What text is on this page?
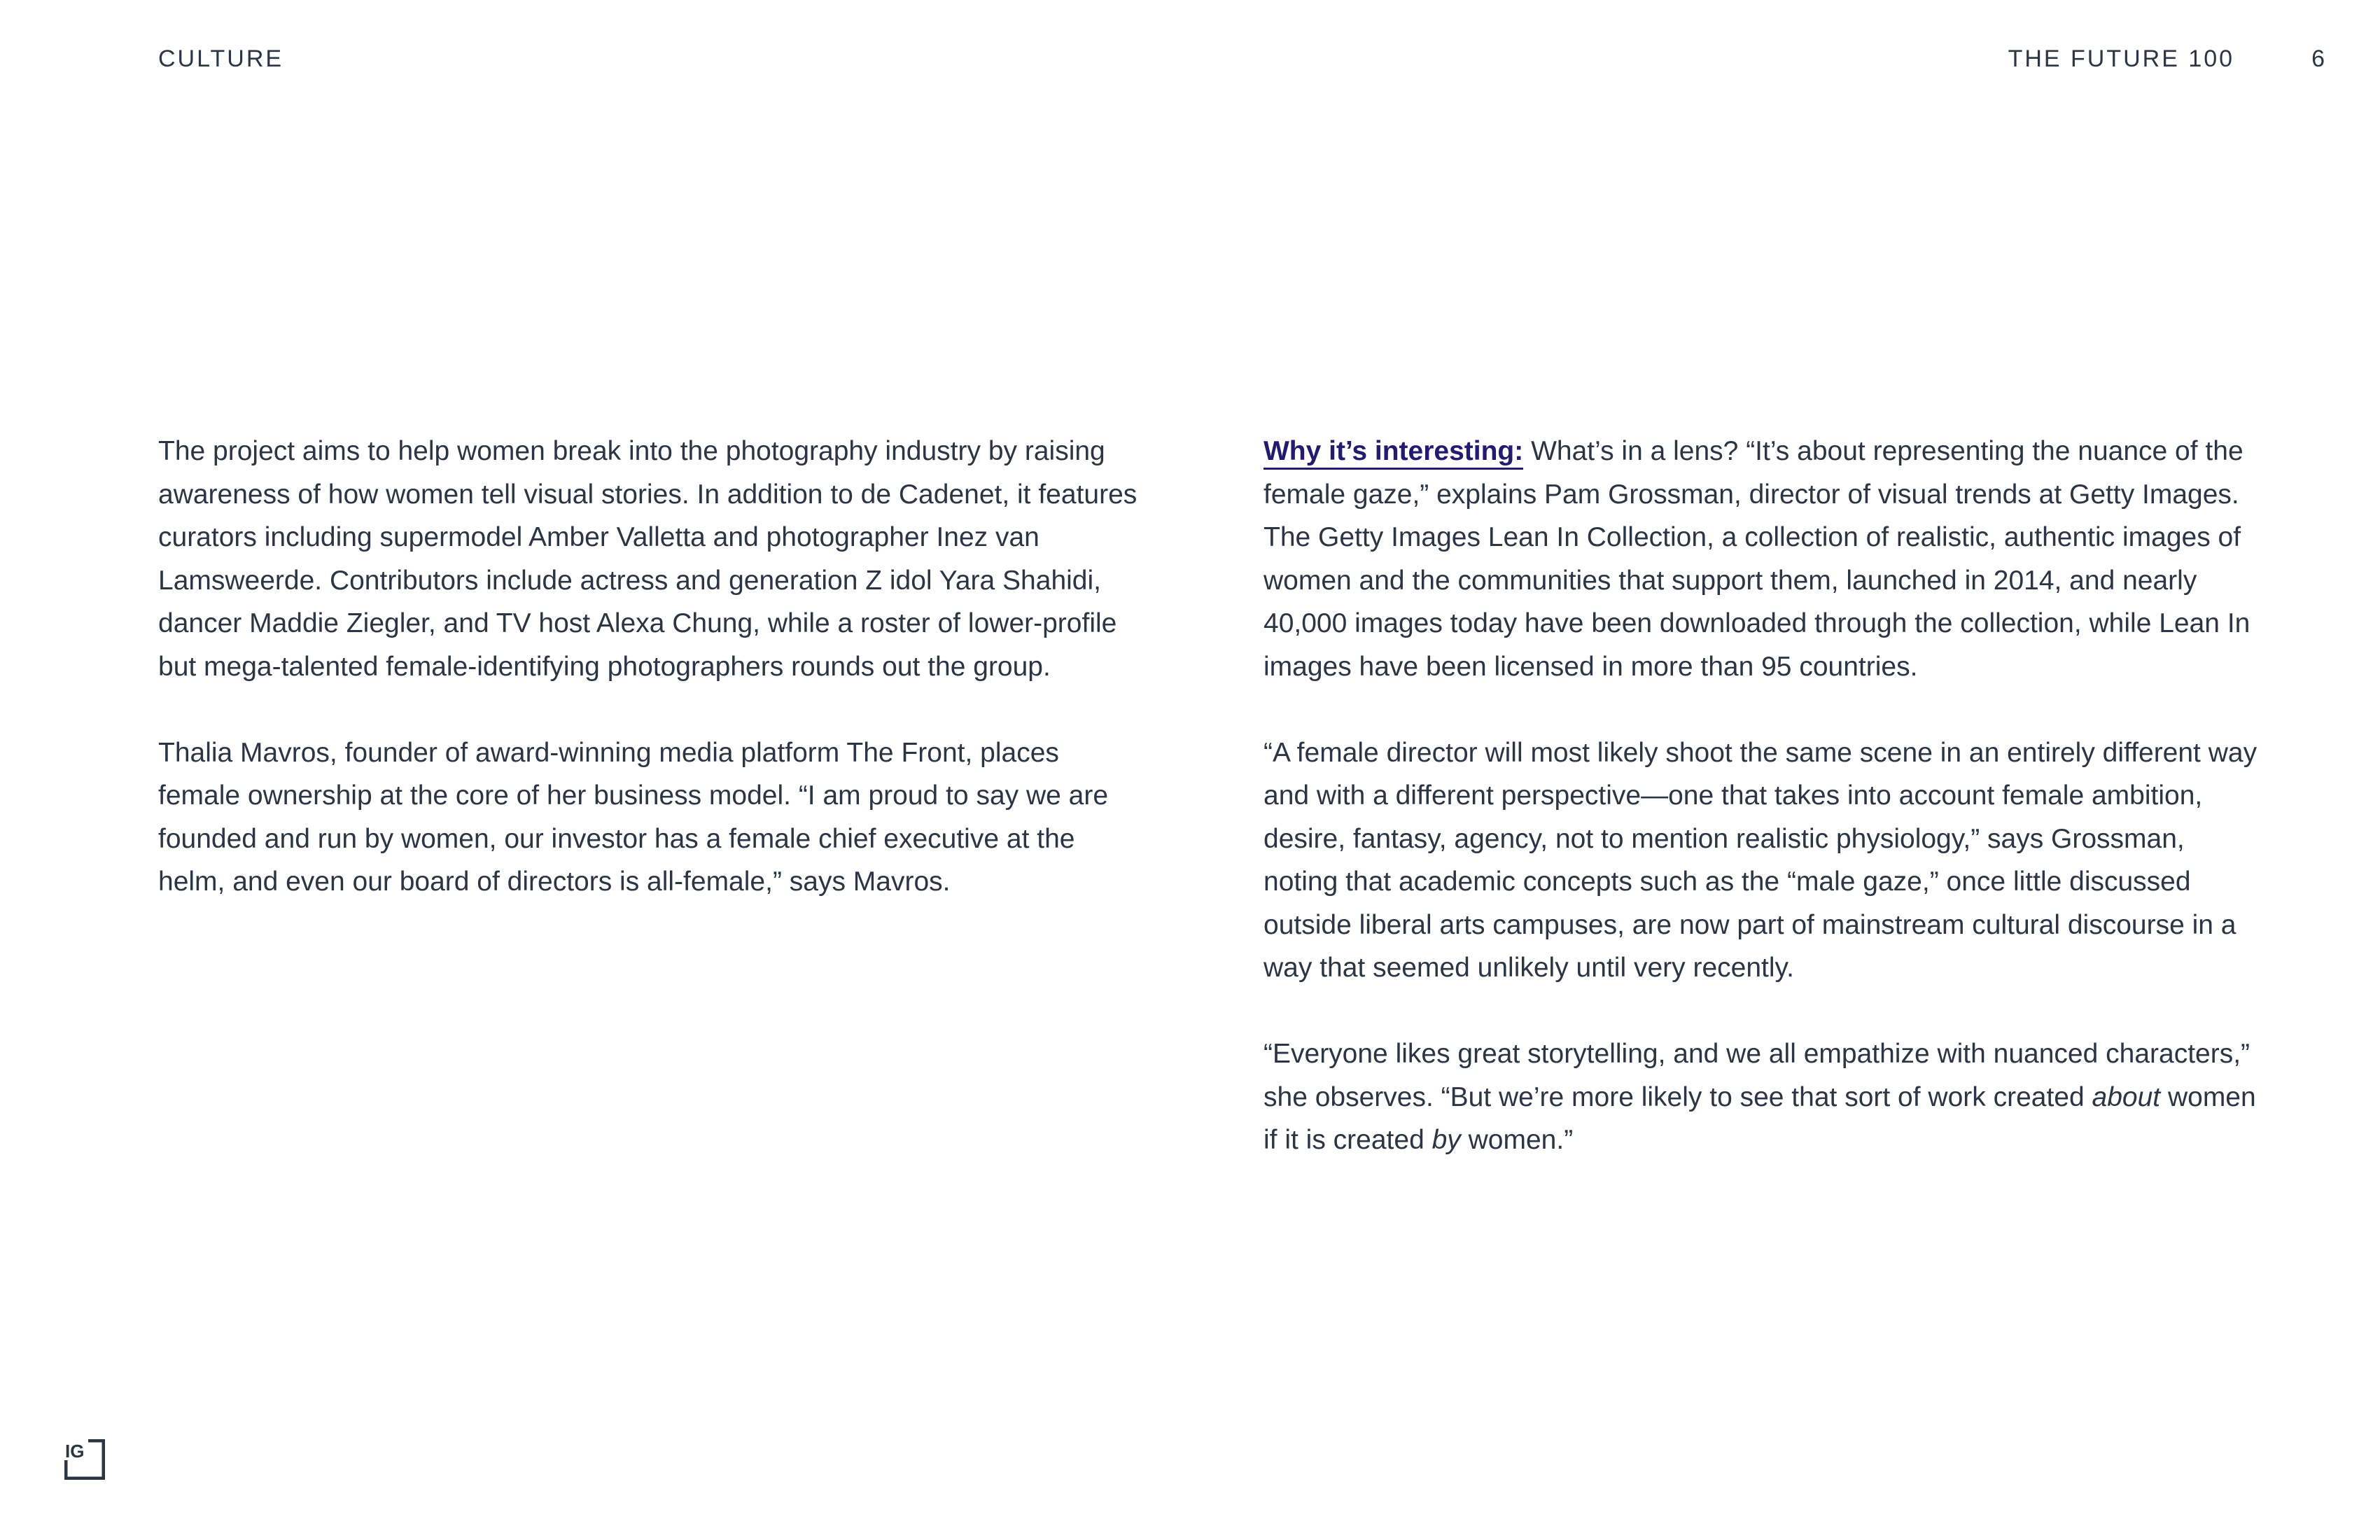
CULTURE	THE FUTURE 100	6

The project aims to help women break into the photography industry by raising awareness of how women tell visual stories. In addition to de Cadenet, it features curators including supermodel Amber Valletta and photographer Inez van Lamsweerde. Contributors include actress and generation Z idol Yara Shahidi, dancer Maddie Ziegler, and TV host Alexa Chung, while a roster of lower-profile but mega-talented female-identifying photographers rounds out the group.

Thalia Mavros, founder of award-winning media platform The Front, places female ownership at the core of her business model. “I am proud to say we are founded and run by women, our investor has a female chief executive at the helm, and even our board of directors is all-female,” says Mavros.

Why it’s interesting: What’s in a lens? “It’s about representing the nuance of the female gaze,” explains Pam Grossman, director of visual trends at Getty Images. The Getty Images Lean In Collection, a collection of realistic, authentic images of women and the communities that support them, launched in 2014, and nearly 40,000 images today have been downloaded through the collection, while Lean In images have been licensed in more than 95 countries.

“A female director will most likely shoot the same scene in an entirely different way and with a different perspective—one that takes into account female ambition, desire, fantasy, agency, not to mention realistic physiology,” says Grossman, noting that academic concepts such as the “male gaze,” once little discussed outside liberal arts campuses, are now part of mainstream cultural discourse in a way that seemed unlikely until very recently.

“Everyone likes great storytelling, and we all empathize with nuanced characters,” she observes. “But we’re more likely to see that sort of work created about women if it is created by women.”

IG
